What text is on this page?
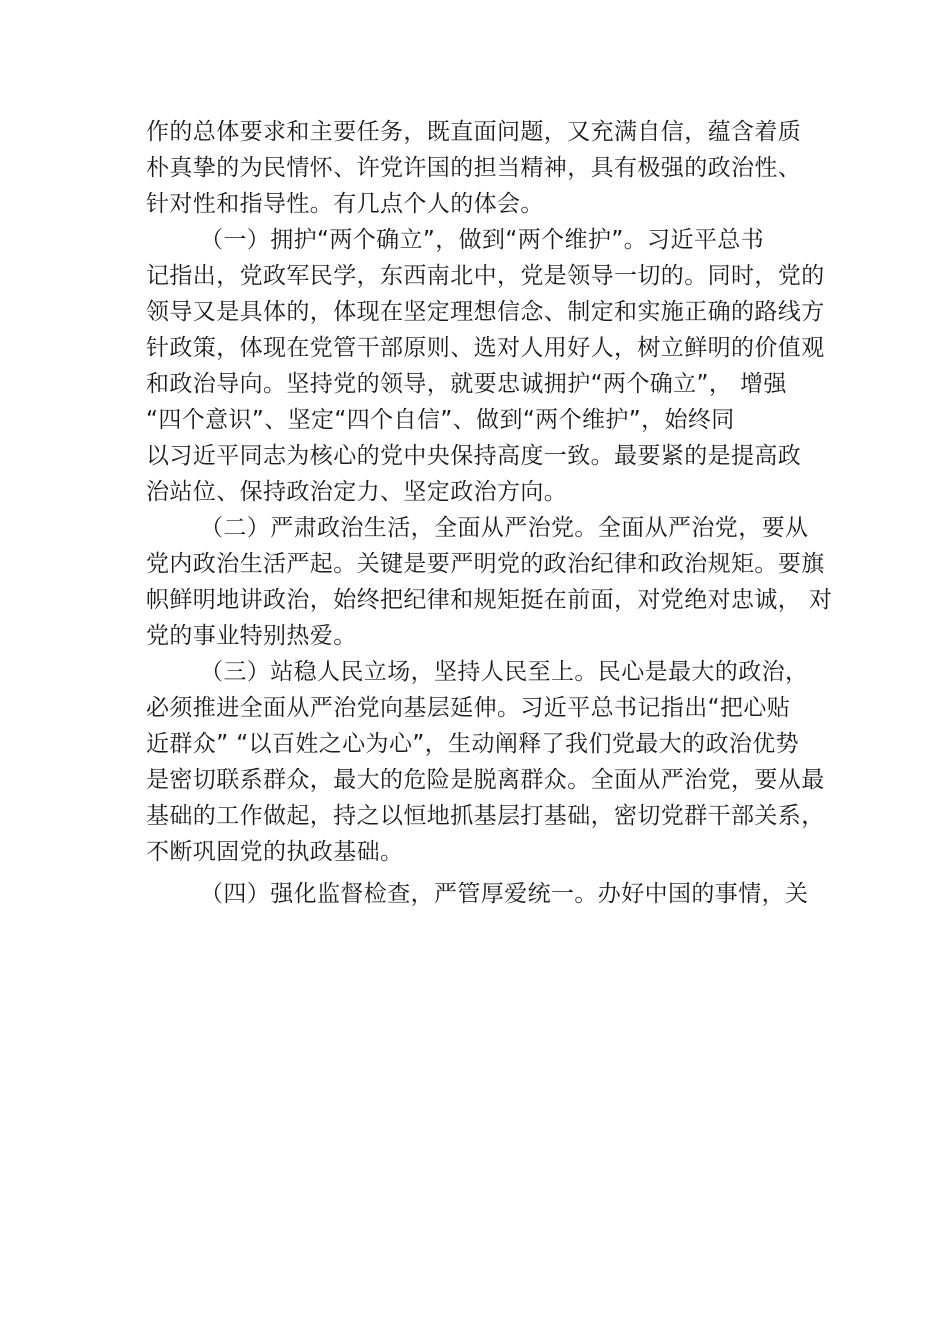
作的总体要求和主要任务，既直面问题，又充满自信，蕴含着质
朴真挚的为民情怀、许党许国的担当精神，具有极强的政治性、
针对性和指导性。有几点个人的体会。
（一）拥护“两个确立”，做到“两个维护”。习近平总书
记指出，党政军民学，东西南北中，党是领导一切的。同时，党的
领导又是具体的，体现在坚定理想信念、制定和实施正确的路线方
针政策，体现在党管干部原则、选对人用好人，树立鲜明的价值观
和政治导向。坚持党的领导，就要忠诚拥护“两个确立”， 增强
“四个意识”、坚定“四个自信”、做到“两个维护”，始终同
以习近平同志为核心的党中央保持高度一致。最要紧的是提高政
治站位、保持政治定力、坚定政治方向。
（二）严肃政治生活，全面从严治党。全面从严治党，要从
党内政治生活严起。关键是要严明党的政治纪律和政治规矩。要旗
帜鲜明地讲政治，始终把纪律和规矩挺在前面，对党绝对忠诚， 对
党的事业特别热爱。
（三）站稳人民立场，坚持人民至上。民心是最大的政治，
必须推进全面从严治党向基层延伸。习近平总书记指出“把心贴
近群众” “以百姓之心为心”，生动阐释了我们党最大的政治优势
是密切联系群众，最大的危险是脱离群众。全面从严治党，要从最
基础的工作做起，持之以恒地抓基层打基础，密切党群干部关系，
不断巩固党的执政基础。
（四）强化监督检查，严管厚爱统一。办好中国的事情，关
